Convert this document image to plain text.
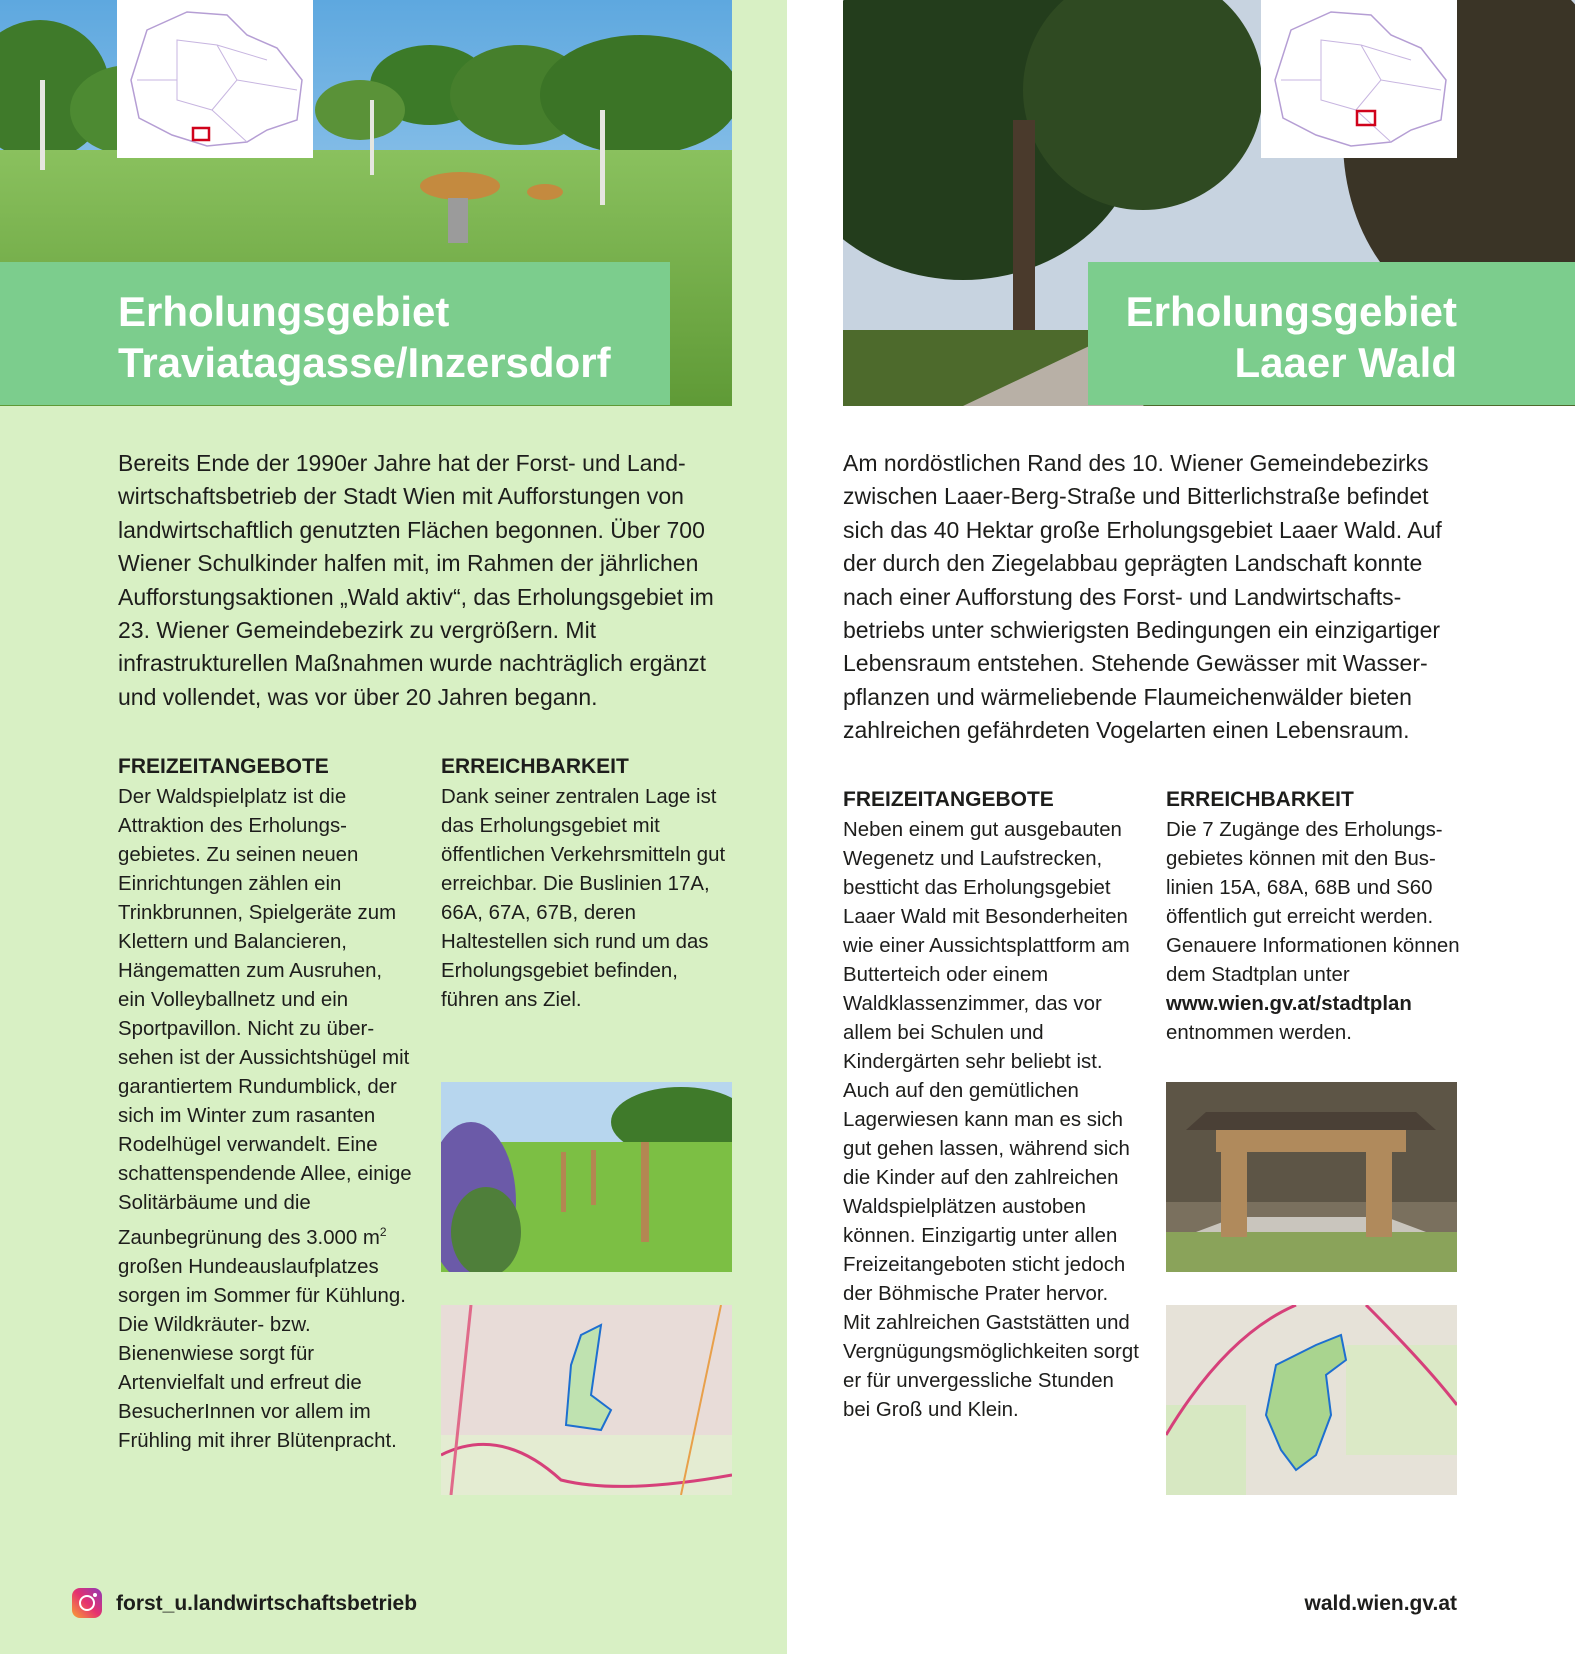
Erholungsgebiet
Traviatagasse/Inzersdorf
Bereits Ende der 1990er Jahre hat der Forst- und Landwirtschaftsbetrieb der Stadt Wien mit Aufforstungen von landwirtschaftlich genutzten Flächen begonnen. Über 700 Wiener Schulkinder halfen mit, im Rahmen der jährlichen Aufforstungsaktionen „Wald aktiv“, das Erholungsgebiet im 23. Wiener Gemeindebezirk zu vergrößern. Mit infrastrukturellen Maßnahmen wurde nachträglich ergänzt und vollendet, was vor über 20 Jahren begann.
FREIZEITANGEBOTE
Der Waldspielplatz ist die Attraktion des Erholungsgebietes. Zu seinen neuen Einrichtungen zählen ein Trinkbrunnen, Spielgeräte zum Klettern und Balancieren, Hängematten zum Ausruhen, ein Volleyballnetz und ein Sportpavillon. Nicht zu übersehen ist der Aussichtshügel mit garantiertem Rundumblick, der sich im Winter zum rasanten Rodelhügel verwandelt. Eine schattenspendende Allee, einige Solitärbäume und die Zaunbegrünung des 3.000 $m^2$ großen Hundeauslaufplatzes sorgen im Sommer für Kühlung. Die Wildkräuter- bzw. Bienenwiese sorgt für Artenvielfalt und erfreut die BesucherInnen vor allem im Frühling mit ihrer Blütenpracht.
ERREICHBARKEIT
Dank seiner zentralen Lage ist das Erholungsgebiet mit öffentlichen Verkehrsmitteln gut erreichbar. Die Buslinien 17A, 66A, 67A, 67B, deren Haltestellen sich rund um das Erholungsgebiet befinden, führen ans Ziel.
Erholungsgebiet
Laaer Wald
Am nordöstlichen Rand des 10. Wiener Gemeindebezirks zwischen Laaer-Berg-Straße und Bitterlichstraße befindet sich das 40 Hektar große Erholungsgebiet Laaer Wald. Auf der durch den Ziegelabbau geprägten Landschaft konnte nach einer Aufforstung des Forst- und Landwirtschaftsbetriebs unter schwierigsten Bedingungen ein einzigartiger Lebensraum entstehen. Stehende Gewässer mit Wasserpflanzen und wärmeliebende Flaumeichenwälder bieten zahlreichen gefährdeten Vogelarten einen Lebensraum.
FREIZEITANGEBOTE
Neben einem gut ausgebauten Wegenetz und Laufstrecken, bestticht das Erholungsgebiet Laaer Wald mit Besonderheiten wie einer Aussichtsplattform am Butterteich oder einem Waldklassenzimmer, das vor allem bei Schulen und Kindergärten sehr beliebt ist. Auch auf den gemütlichen Lagerwiesen kann man es sich gut gehen lassen, während sich die Kinder auf den zahlreichen Waldspielplätzen austoben können. Einzigartig unter allen Freizeitangeboten sticht jedoch der Böhmische Prater hervor. Mit zahlreichen Gaststätten und Vergnügungsmöglichkeiten sorgt er für unvergessliche Stunden bei Groß und Klein.
ERREICHBARKEIT
Die 7 Zugänge des Erholungsgebietes können mit den Buslinien 15A, 68A, 68B und S60 öffentlich gut erreicht werden. Genauere Informationen können dem Stadtplan unter www.wien.gv.at/stadtplan entnommen werden.
forst_u.landwirtschaftsbetrieb	wald.wien.gv.at
